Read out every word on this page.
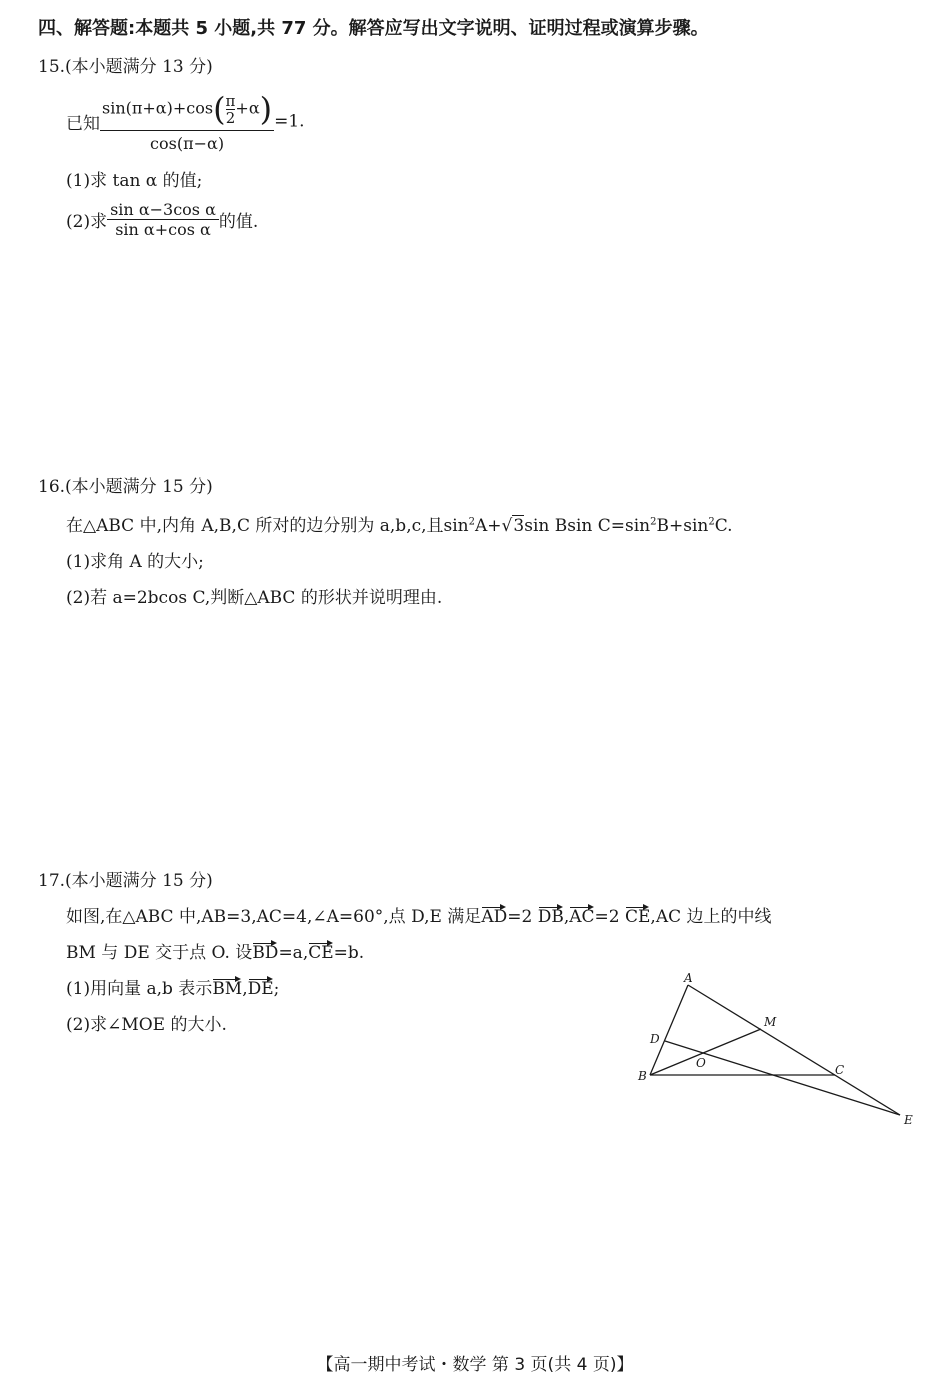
四、解答题:本题共 5 小题,共 77 分。解答应写出文字说明、证明过程或演算步骤。
15.(本小题满分 13 分)
已知 $\frac{\sin(\pi+\alpha)+\cos( \frac{\pi}{2} +\alpha)}{\cos(\pi-\alpha)} =1$.
(1)求 tan α 的值;
(2)求 $\frac{\text{sin α−3cos α}}{\text{sin α+cos α}}$ 的值.
16.(本小题满分 15 分)
在△ABC 中,内角 A,B,C 所对的边分别为 a,b,c,且$\sin^2A+√3\sin$ Bsin $C=\sin^2B+\sin^2C$.
(1)求角 A 的大小;
(2)若 a=2bcos C,判断△ABC 的形状并说明理由.
17.(本小题满分 15 分)
如图,在△ABC 中,AB=3,AC=4,∠A=60°,点 D,E 满足AD=2 DB,AC=2 CE,AC 边上的中线
BM 与 DE 交于点 O. 设BD=a,CE=b.
(1)用向量 a,b 表示BM,DE;
(2)求∠MOE 的大小.
A
M
D
O
B	C
E
【高一期中考试・数学 第 3 页(共 4 页)】
